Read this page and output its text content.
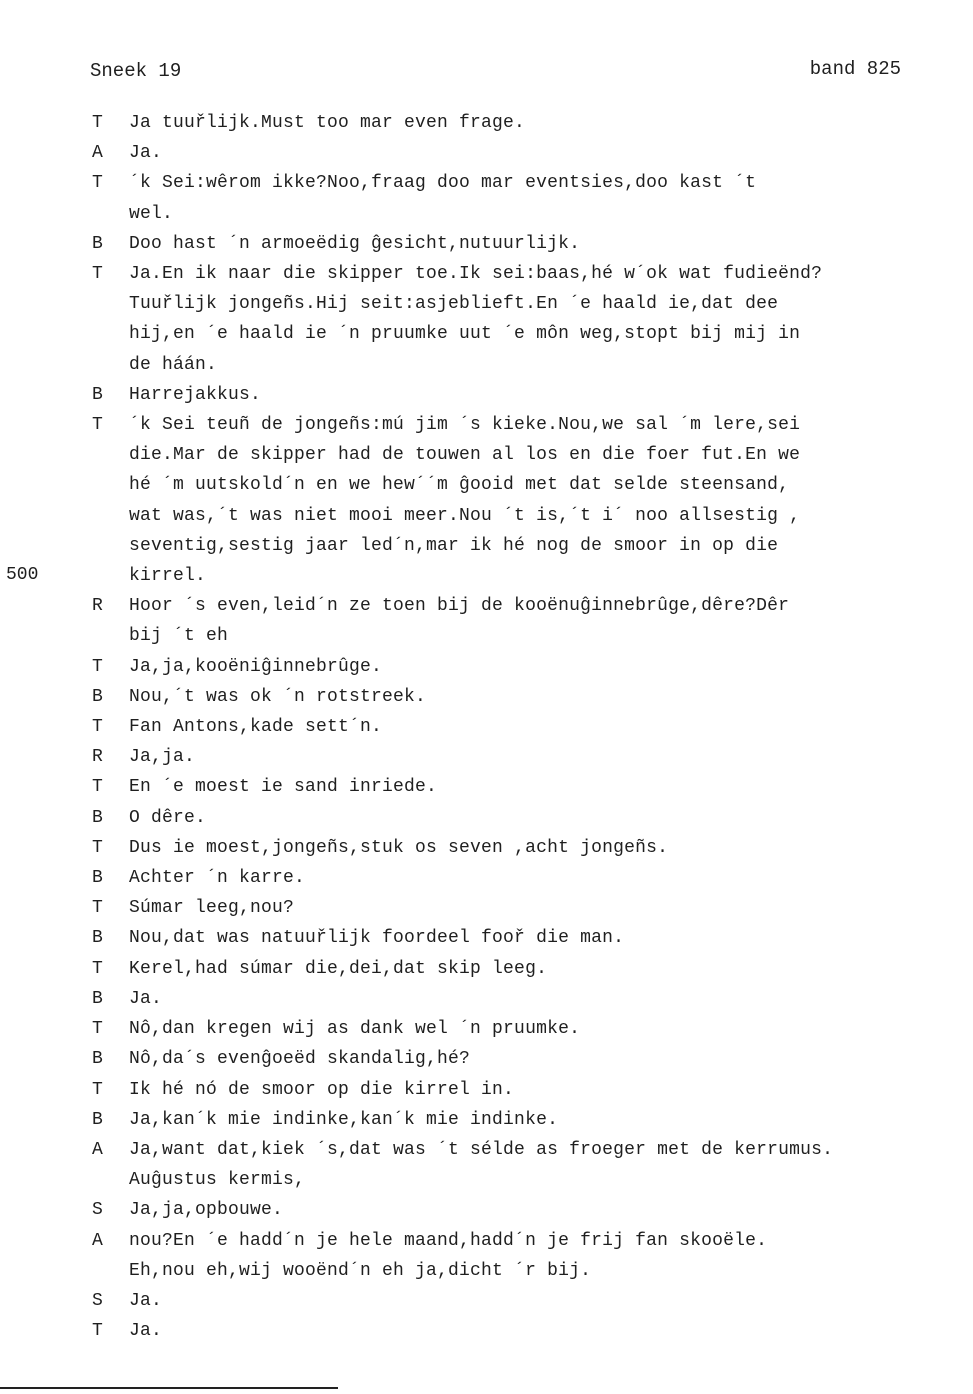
Sneek 19	band 825
500
T	Ja tuuřlijk.Must too mar even frage.
A	Ja.
T	´k Sei:wêrom ikke?Noo,fraag doo mar eventsies,doo kast ´t
wel.
B	Doo hast ´n armoeëdig ĝesicht,nutuurlijk.
T	Ja.En ik naar die skipper toe.Ik sei:baas,hé w´ok wat fudieënd?
Tuuřlijk jongeñs.Hij seit:asjeblieft.En ´e haald ie,dat dee
hij,en ´e haald ie ´n pruumke uut ´e môn weg,stopt bij mij in
de háán.
B	Harrejakkus.
T	´k Sei teuñ de jongeñs:mú jim ´s kieke.Nou,we sal ´m lere,sei
die.Mar de skipper had de touwen al los en die foer fut.En we
hé ´m uutskold´n en we hew´´m ĝooid met dat selde steensand,
wat was,´t was niet mooi meer.Nou ´t is,´t i´ noo allsestig ,
seventig,sestig jaar led´n,mar ik hé nog de smoor in op die
kirrel.
R	Hoor ´s even,leid´n ze toen bij de kooënuĝinnebrûge,dêre?Dêr
bij ´t eh
T	Ja,ja,kooëniĝinnebrûge.
B	Nou,´t was ok ´n rotstreek.
T	Fan Antons,kade sett´n.
R	Ja,ja.
T	En ´e moest ie sand inriede.
B	O dêre.
T	Dus ie moest,jongeñs,stuk os seven ,acht jongeñs.
B	Achter ´n karre.
T	Súmar leeg,nou?
B	Nou,dat was natuuřlijk foordeel fooř die man.
T	Kerel,had súmar die,dei,dat skip leeg.
B	Ja.
T	Nô,dan kregen wij as dank wel ´n pruumke.
B	Nô,da´s evenĝoeëd skandalig,hé?
T	Ik hé nó de smoor op die kirrel in.
B	Ja,kan´k mie indinke,kan´k mie indinke.
A	Ja,want dat,kiek ´s,dat was ´t sélde as froeger met de kerrumus.
Auĝustus kermis,
S	Ja,ja,opbouwe.
A	nou?En ´e hadd´n je hele maand,hadd´n je frij fan skooële.
Eh,nou eh,wij wooënd´n eh ja,dicht ´r bij.
S	Ja.
T	Ja.
